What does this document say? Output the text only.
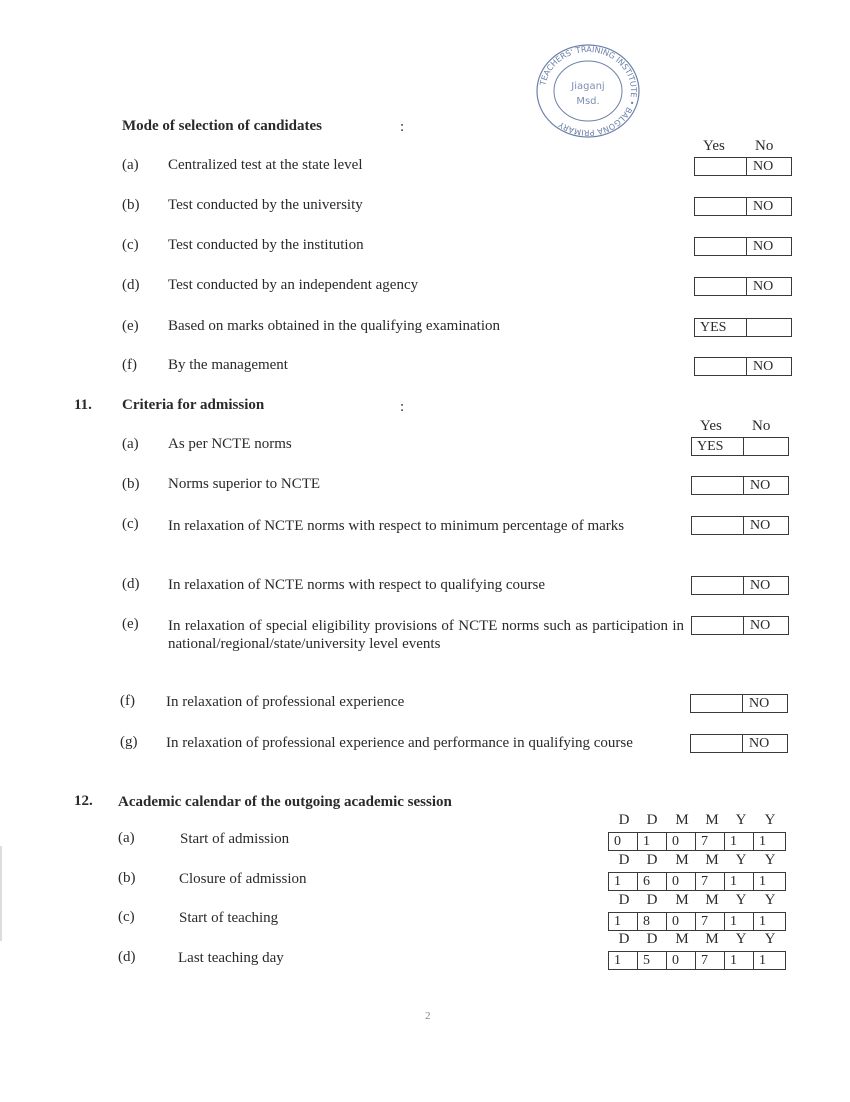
TEACHERS' TRAINING INSTITUTE • BALGONA PRIMARY
Jiaganj
Msd.
Mode of selection of candidates	:
Yes No
(a) Centralized test at the state level	NO
(b) Test conducted by the university	NO
(c) Test conducted by the institution	NO
(d) Test conducted by an independent agency	NO
(e) Based on marks obtained in the qualifying examination	YES
(f) By the management	NO
11. Criteria for admission	:
Yes No
(a) As per NCTE norms	YES
(b) Norms superior to NCTE	NO
(c) In relaxation of NCTE norms with respect to minimum percentage of marks	NO
(d) In relaxation of NCTE norms with respect to qualifying course	NO
(e) In relaxation of special eligibility provisions of NCTE norms such as participation in national/regional/state/university level events
NO
(f) In relaxation of professional experience	NO
(g) In relaxation of professional experience and performance in qualifying course	NO
12. Academic calendar of the outgoing academic session
D	D	M	M	Y	Y
(a)	Start of admission	0	1	0	7	1	1
D	D	M	M	Y	Y
(b)	Closure of admission	1	6	0	7	1	1
D	D	M	M	Y	Y
(c)	Start of teaching	1	8	0	7	1	1
D	D	M	M	Y	Y
(d)	Last teaching day	1	5	0	7	1	1
2
